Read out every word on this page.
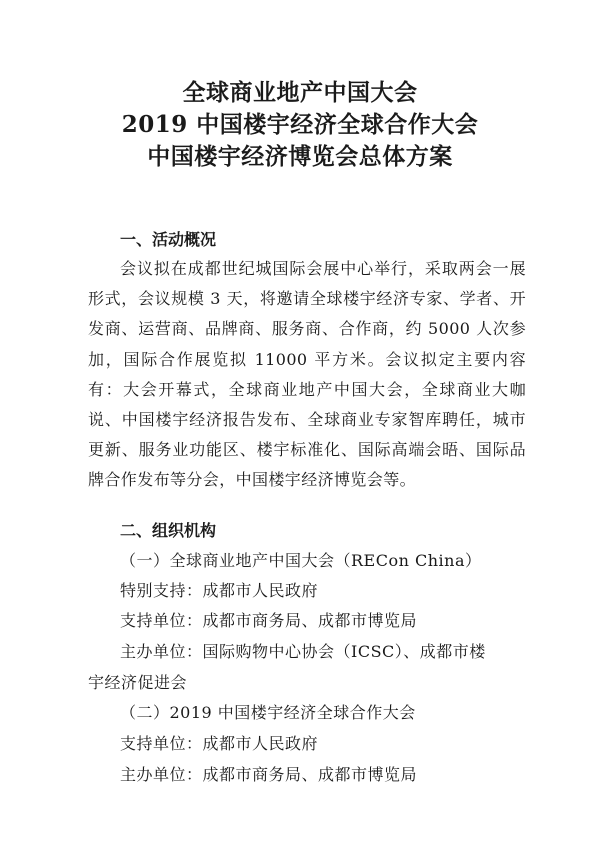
全球商业地产中国大会
2019 中国楼宇经济全球合作大会
中国楼宇经济博览会总体方案
一、活动概况
会议拟在成都世纪城国际会展中心举行，采取两会一展形式，会议规模 3 天，将邀请全球楼宇经济专家、学者、开发商、运营商、品牌商、服务商、合作商，约 5000 人次参加，国际合作展览拟 11000 平方米。会议拟定主要内容有：大会开幕式，全球商业地产中国大会，全球商业大咖说、中国楼宇经济报告发布、全球商业专家智库聘任，城市更新、服务业功能区、楼宇标准化、国际高端会晤、国际品牌合作发布等分会，中国楼宇经济博览会等。
二、组织机构
（一）全球商业地产中国大会（RECon China）
特别支持：成都市人民政府
支持单位：成都市商务局、成都市博览局
主办单位：国际购物中心协会（ICSC）、成都市楼
宇经济促进会
（二）2019 中国楼宇经济全球合作大会
支持单位：成都市人民政府
主办单位：成都市商务局、成都市博览局
